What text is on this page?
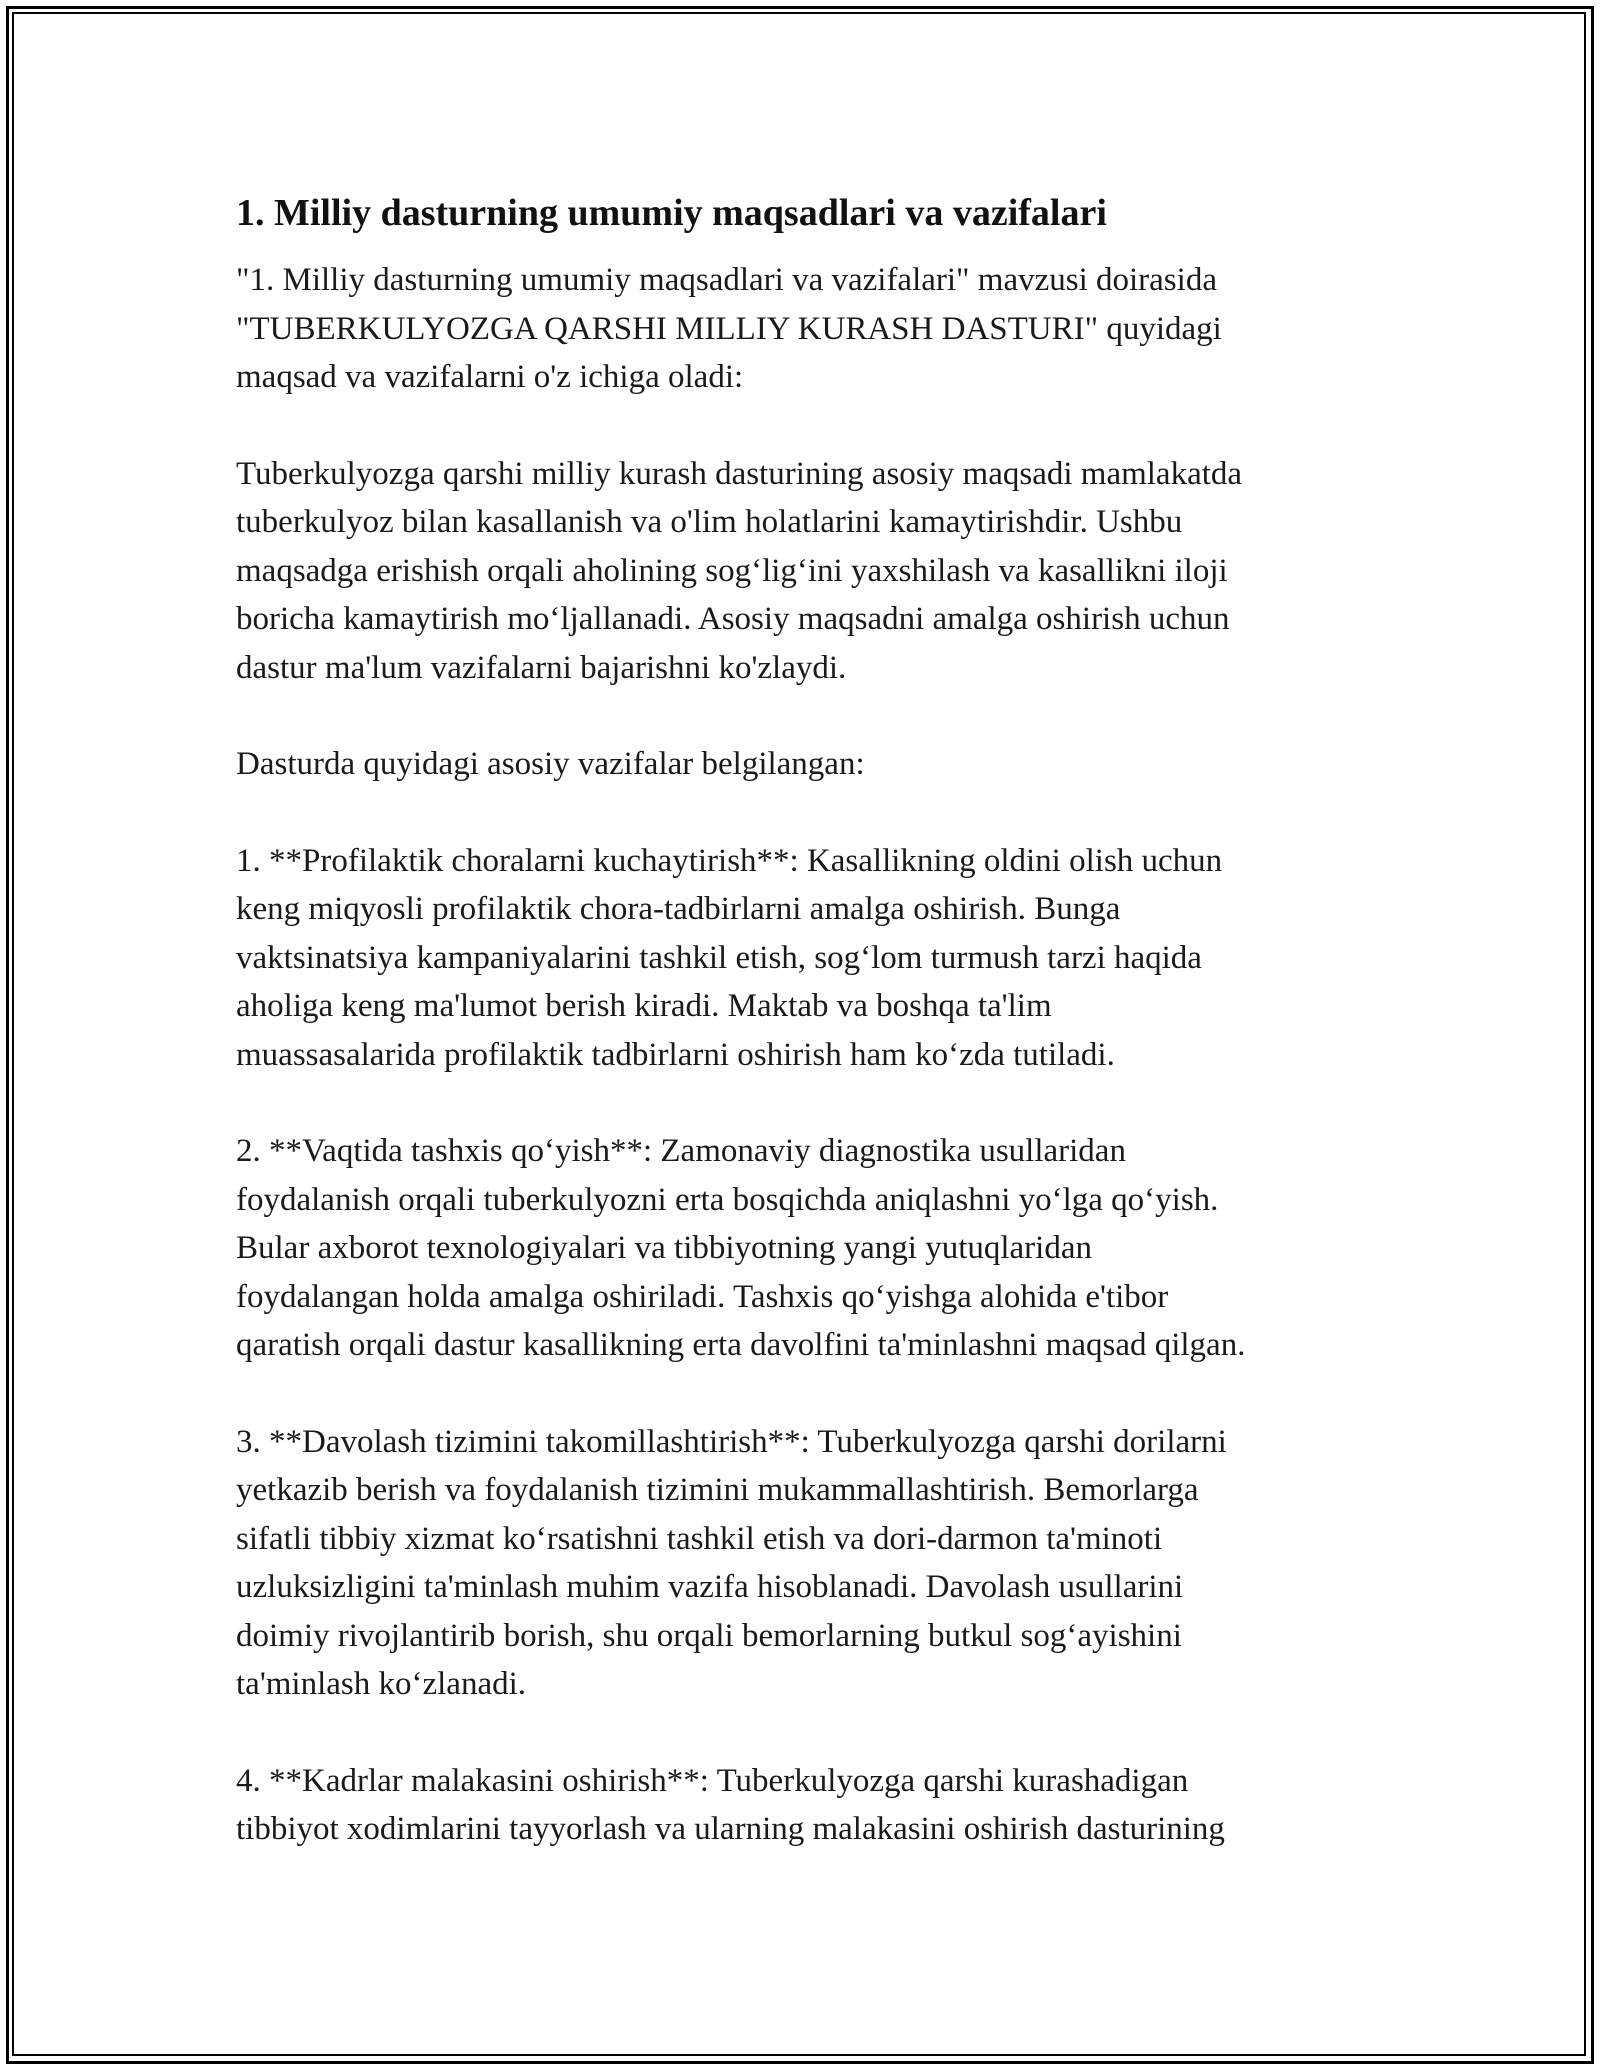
1. Milliy dasturning umumiy maqsadlari va vazifalari
"1. Milliy dasturning umumiy maqsadlari va vazifalari" mavzusi doirasida
"TUBERKULYOZGA QARSHI MILLIY KURASH DASTURI" quyidagi
maqsad va vazifalarni o'z ichiga oladi:
Tuberkulyozga qarshi milliy kurash dasturining asosiy maqsadi mamlakatda
tuberkulyoz bilan kasallanish va o'lim holatlarini kamaytirishdir. Ushbu
maqsadga erishish orqali aholining sog‘lig‘ini yaxshilash va kasallikni iloji
boricha kamaytirish mo‘ljallanadi. Asosiy maqsadni amalga oshirish uchun
dastur ma'lum vazifalarni bajarishni ko'zlaydi.
Dasturda quyidagi asosiy vazifalar belgilangan:
1. **Profilaktik choralarni kuchaytirish**: Kasallikning oldini olish uchun
keng miqyosli profilaktik chora-tadbirlarni amalga oshirish. Bunga
vaktsinatsiya kampaniyalarini tashkil etish, sog‘lom turmush tarzi haqida
aholiga keng ma'lumot berish kiradi. Maktab va boshqa ta'lim
muassasalarida profilaktik tadbirlarni oshirish ham ko‘zda tutiladi.
2. **Vaqtida tashxis qo‘yish**: Zamonaviy diagnostika usullaridan
foydalanish orqali tuberkulyozni erta bosqichda aniqlashni yo‘lga qo‘yish.
Bular axborot texnologiyalari va tibbiyotning yangi yutuqlaridan
foydalangan holda amalga oshiriladi. Tashxis qo‘yishga alohida e'tibor
qaratish orqali dastur kasallikning erta davolfini ta'minlashni maqsad qilgan.
3. **Davolash tizimini takomillashtirish**: Tuberkulyozga qarshi dorilarni
yetkazib berish va foydalanish tizimini mukammallashtirish. Bemorlarga
sifatli tibbiy xizmat ko‘rsatishni tashkil etish va dori-darmon ta'minoti
uzluksizligini ta'minlash muhim vazifa hisoblanadi. Davolash usullarini
doimiy rivojlantirib borish, shu orqali bemorlarning butkul sog‘ayishini
ta'minlash ko‘zlanadi.
4. **Kadrlar malakasini oshirish**: Tuberkulyozga qarshi kurashadigan
tibbiyot xodimlarini tayyorlash va ularning malakasini oshirish dasturining
